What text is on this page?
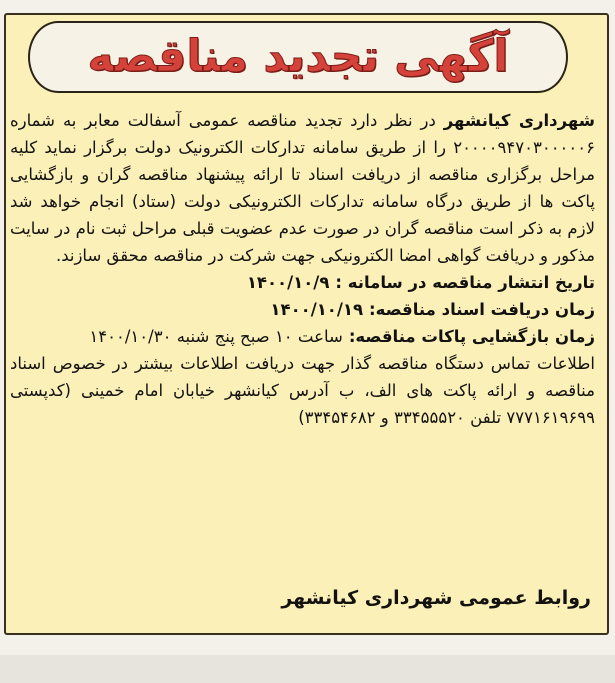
آگهی تجدید مناقصه

شهرداری کیانشهر در نظر دارد تجدید مناقصه عمومی آسفالت معابر به شماره ۲۰۰۰۰۹۴۷۰۳۰۰۰۰۰۶ را از طریق سامانه تدارکات الکترونیک دولت برگزار نماید کلیه مراحل برگزاری مناقصه از دریافت اسناد تا ارائه پیشنهاد مناقصه گران و بازگشایی پاکت ها از طریق درگاه سامانه تدارکات الکترونیکی دولت (ستاد) انجام خواهد شد لازم به ذکر است مناقصه گران در صورت عدم عضویت قبلی مراحل ثبت نام در سایت مذکور و دریافت گواهی امضا الکترونیکی جهت شرکت در مناقصه محقق سازند.

تاریخ انتشار مناقصه در سامانه :۱۴۰۰/۱۰/۹

زمان دریافت اسناد مناقصه:۱۴۰۰/۱۰/۱۹

زمان بازگشایی پاکات مناقصه:ساعت ۱۰ صبح پنج شنبه ۱۴۰۰/۱۰/۳۰

اطلاعات تماس دستگاه مناقصه گذار جهت دریافت اطلاعات بیشتر در خصوص اسناد مناقصه و ارائه پاکت های الف، ب آدرس کیانشهر خیابان امام خمینی (کدپستی ۷۷۷۱۶۱۹۶۹۹ تلفن ۳۳۴۵۵۵۲۰ و ۳۳۴۵۴۶۸۲)

روابط عمومی شهرداری کیانشهر
